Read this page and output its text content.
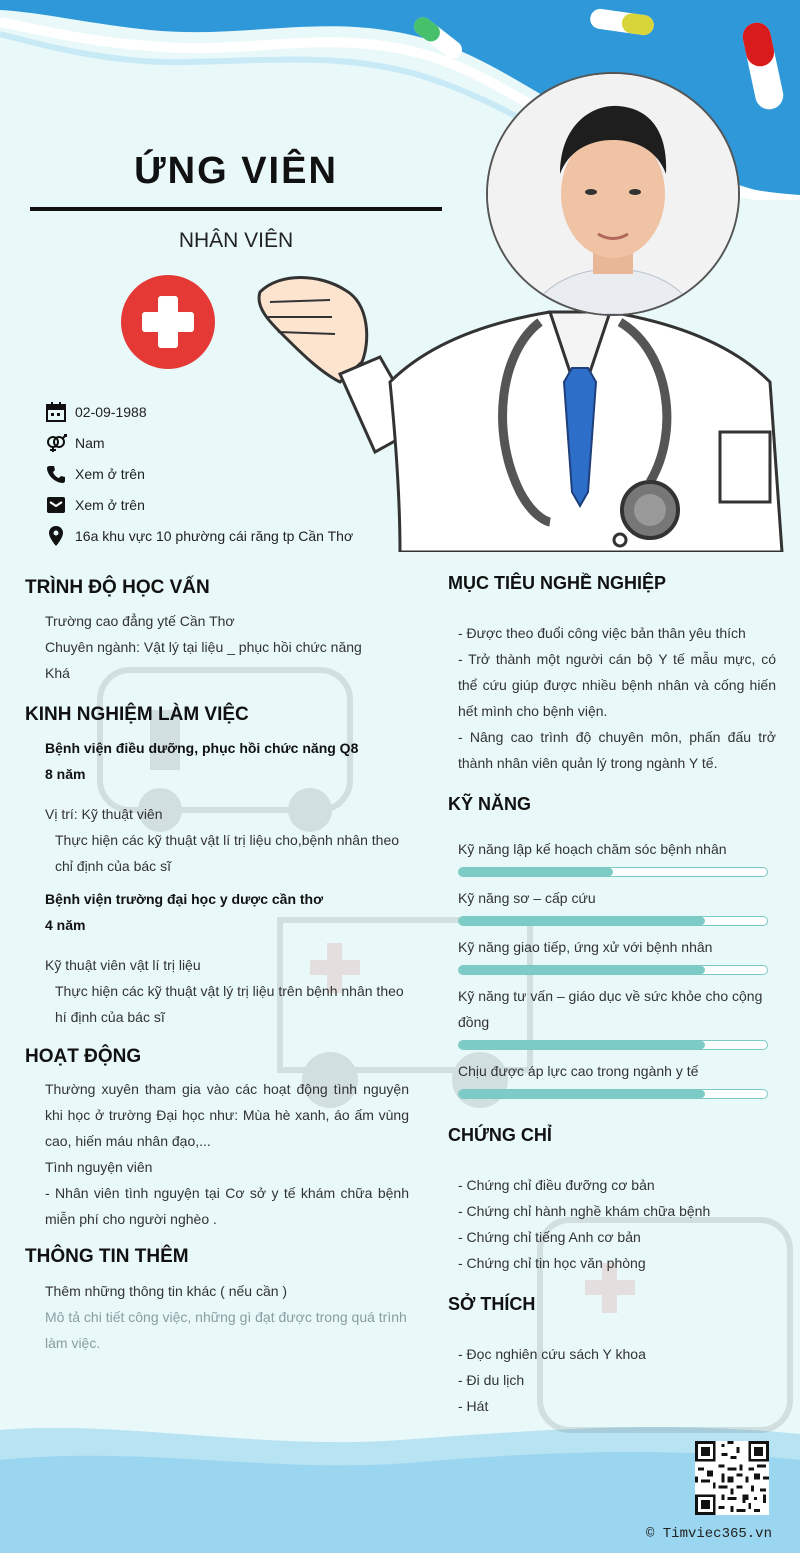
ỨNG VIÊN
NHÂN VIÊN
02-09-1988
Nam
Xem ở trên
Xem ở trên
16a khu vực 10 phường cái răng tp Cần Thơ
TRÌNH ĐỘ HỌC VẤN
Trường cao đẳng ytế Cần Thơ
Chuyên ngành: Vật lý tại liệu _ phục hồi chức năng
Khá
KINH NGHIỆM LÀM VIỆC
Bệnh viện điều dưỡng, phục hồi chức năng Q8
8 năm
Vị trí: Kỹ thuật viên
Thực hiện các kỹ thuật vật lí trị liệu cho,bệnh nhân theo chỉ định của bác sĩ
Bệnh viện trường đại học y dược cần thơ
4 năm
Kỹ thuật viên vật lí trị liệu
Thực hiện các kỹ thuật vật lý trị liệu trên bệnh nhân theo hí định của bác sĩ
HOẠT ĐỘNG
Thường xuyên tham gia vào các hoạt động tình nguyện khi học ở trường Đại học như: Mùa hè xanh, áo ấm vùng cao, hiến máu nhân đạo,...
Tình nguyện viên
- Nhân viên tình nguyện tại Cơ sở y tế khám chữa bệnh miễn phí cho người nghèo .
THÔNG TIN THÊM
Thêm những thông tin khác ( nếu cần )
Mô tả chi tiết công việc, những gì đạt được trong quá trình làm việc.
MỤC TIÊU NGHỀ NGHIỆP
- Được theo đuổi công việc bản thân yêu thích
- Trở thành một người cán bộ Y tế mẫu mực, có thể cứu giúp được nhiều bệnh nhân và cống hiến hết mình cho bệnh viện.
- Nâng cao trình độ chuyên môn, phấn đấu trở thành nhân viên quản lý trong ngành Y tế.
KỸ NĂNG
Kỹ năng lập kế hoạch chăm sóc bệnh nhân
Kỹ năng sơ – cấp cứu
Kỹ năng giao tiếp, ứng xử với bệnh nhân
Kỹ năng tư vấn – giáo dục về sức khỏe cho cộng đồng
Chịu được áp lực cao trong ngành y tế
CHỨNG CHỈ
- Chứng chỉ điều đưỡng cơ bản
- Chứng chỉ hành nghề khám chữa bệnh
- Chứng chỉ tiếng Anh cơ bản
- Chứng chỉ tin học văn phòng
SỞ THÍCH
- Đọc nghiên cứu sách Y khoa
- Đi du lịch
- Hát
© Timviec365.vn
